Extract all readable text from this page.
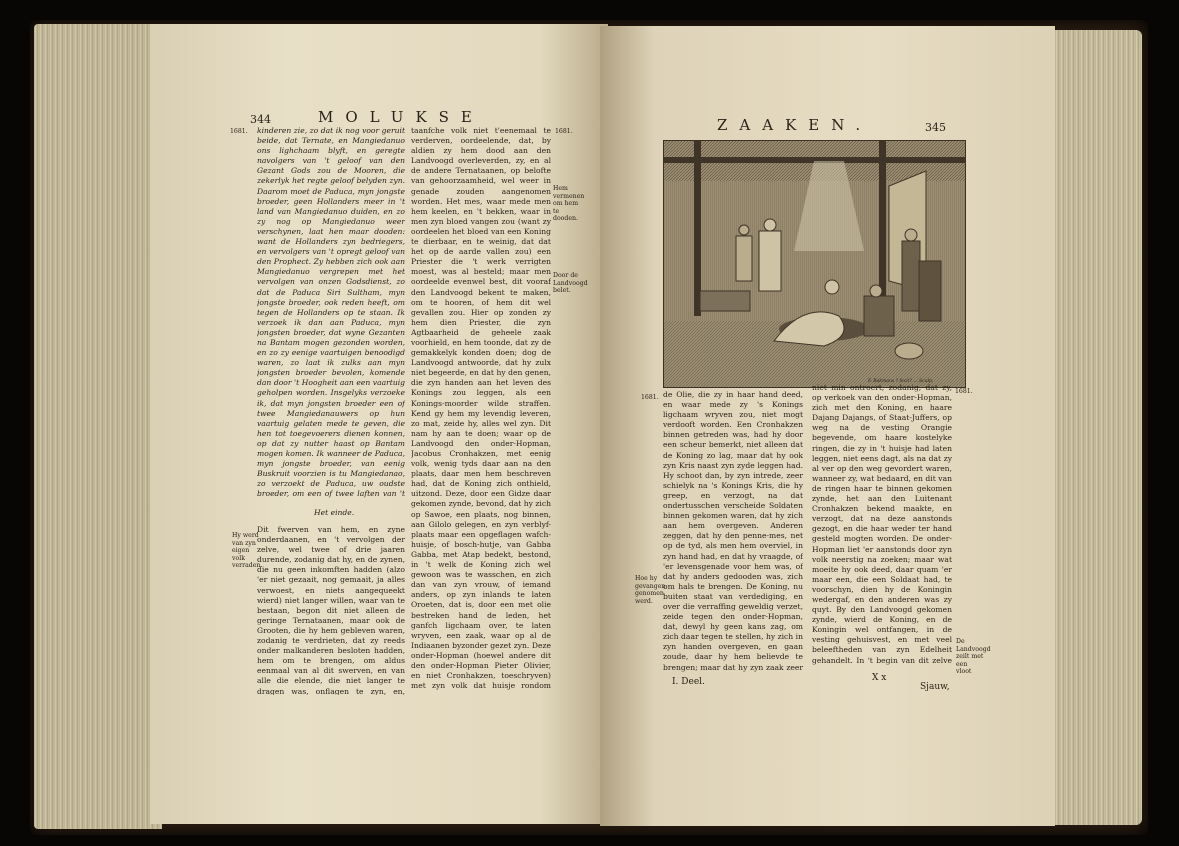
344	MOLUKSE
1681.	kinderen zie, zo dat ik nog voor geruit beide, dat Ternate, en Mangiedanuo ons lighchaam blyft, en geregte navolgers van 't geloof van den Gezant Gods zou de Mooren, die zekerlyk het regte geloof belyden zyn. Daarom moet de Paduca, myn jongste broeder, geen Hollanders meer in 't land van Mangiedanuo duiden, en zo zy nog op Mangiedanuo weer verschynen, laat hen maar dooden: want de Hollanders zyn bedriegers, en vervolgers van 't opregt geloof van den Prophect. Zy hebben zich ook aan Mangiedanuo vergrepen met het vervolgen van onzen Godsdienst, zo dat de Paduca Siri Sultham, myn jongste broeder, ook reden heeft, om tegen de Hollanders op te staan. Ik verzoek ik dan aan Paduca, myn jongsten broeder, dat wyne Gezanten na Bantam mogen gezonden worden, en zo zy eenige vaartuigen benoodigd waren, zo laat ik zulks aan myn jongsten broeder bevolen, komende dan door 't Hoogheit aan een vaartuig geholpen worden. Insgelyks verzoeke ik, dat myn jongsten broeder een of twee Mangiedanauwers op hun vaartuig gelaten mede te geven, die hen tot toegevoerers dienen konnen, op dat zy nutter haast op Bantam mogen komen. Ik wanneer de Paduca, myn jongste broeder, van eenig Buskruit voorzien is tu Mangiedanao, zo verzoekt de Paduca, uw oudste broeder, om een of twee laften van 't

Het einde.
Hy werd van zyn eigen volk verraden.

Dit fwerven van hem, en zyne onderdaanen, en 't vervolgen der zelve, wel twee of drie jaaren durende, zodanig dat hy, en de zynen, die nu geen inkomften hadden (alzo 'er niet gezaait, nog gemaait, ja alles verwoest, en niets aangequeekt wierd) niet langer willen, waar van te bestaan, begon dit niet alleen de geringe Ternataanen, maar ook de Grooten, die hy hem gebleven waren, zodanig te verdrieten, dat zy reeds onder malkanderen besloten hadden, hem om te brengen, om aldus eenmaal van al dit swerven, en van alle die elende, die niet langer te dragen was, onflagen te zyn, en,

taanfche volk niet t'eenemaal te verderven, oordeelende, dat, by aldien zy hem dood aan den Landvoogd overleverden, zy, en al de andere Ternataanen, op belofte van gehoorzaamheid, wel weer in genade zouden aangenomen worden. Het mes, waar mede men hem keelen, en 't bekken, waar in men zyn bloed vangen zou (want zy oordeelen het bloed van een Koning te dierbaar, en te weinig, dat dat het op de aarde vallen zou) een Priester die 't werk verrigten moest, was al besteld; maar men oordeelde evenwel best, dit vooraf den Landvoogd bekent te maken, om te hooren, of hem dit wel gevallen zou. Hier op zonden zy hem dien Priester, die zyn Agtbaarheid de geheele zaak voorhield, en hem toonde, dat zy de gemakkelyk konden doen; dog de Landvoogd antwoorde, dat hy zulx niet begeerde, en dat hy den genen, die zyn handen aan het leven des Konings zou leggen, als een Konings-moorder wilde straffen. Kend gy hem my levendig leveren, zo mat, zeide hy, alles wel zyn. Dit nam hy aan te doen; waar op de Landvoogd den onder-Hopman, Jacobus Cronhakzen, met eenig volk, wenig tyds daar aan na den plaats, daar men hem beschreven had, dat de Koning zich onthield, uitzond. Deze, door een Gidze daar gekomen zynde, bevond, dat hy zich op Sawoe, een plaats, nog binnen, aan Gilolo gelegen, en zyn verblyf-plaats maar een opgeflagen wafch-huisje, of bosch-hutje, van Gabba Gabba, met Atap bedekt, bestond, in 't welk de Koning zich wel gewoon was te wasschen, en zich dan van zyn vrouw, of iemand anders, op zyn inlands te laten Oroeten, dat is, door een met olie bestreken hand de leden, het ganfch ligchaam over, te laten wryven, een zaak, waar op al de Indiaanen byzonder gezet zyn. Deze onder-Hopman (hoewel andere dit den onder-Hopman Pieter Olivier, en niet Cronhakzen, toeschryven) met zyn volk dat huisje rondom

1681.
Hem vermenen om hem te dooden.
Door de Landvoogd belet.
ZAAKEN.	345
F. Bakmans ? fecit? ... Sculp.
1681.
1681.

de Olie, die zy in haar hand deed, en waar mede zy 's Konings ligchaam wryven zou, niet mogt verdooft worden. Een Cronhakzen binnen getreden was, had hy door een scheur bemerkt, niet alleen dat de Koning zo lag, maar dat hy ook zyn Kris naast zyn zyde leggen had. Hy schoot dan, by zyn intrede, zeer schielyk na 's Konings Kris, die hy greep, en verzogt, na dat ondertusschen verscheide Soldaten binnen gekomen waren, dat hy zich aan hem overgeven. Anderen zeggen, dat hy den penne-mes, net op de tyd, als men hem overviel, in zyn hand had, en dat hy vraagde, of 'er levensgenade voor hem was, of dat hy anders gedooden was, zich om hals te brengen. De Koning, nu buiten staat van verdediging, en over die verraffing geweldig verzet, zeide tegen den onder-Hopman, dat, dewyl hy geen kans zag, om zich daar tegen te stellen, hy zich in zyn handen overgeven, en gaan zoude, daar hy hem believde te brengen; maar dat hy zyn zaak zeer

Hoe hy gevangen genomen werd.

niet min ontroert, zodanig, dat zy, op verkoek van den onder-Hopman, zich met den Koning, en haare Dajang Dajangs, of Staat-Juffers, op weg na de vesting Orangie begevende, om haare kostelyke ringen, die zy in 't huisje had laten leggen, niet eens dagt, als na dat zy al ver op den weg gevordert waren, wanneer zy, wat bedaard, en dit van de ringen haar te binnen gekomen zynde, het aan den Luitenant Cronhakzen bekend maakte, en verzogt, dat na deze aanstonds gezogt, en die haar weder ter hand gesteld mogten worden. De onder-Hopman liet 'er aanstonds door zyn volk neerstig na zoeken; maar wat moeite hy ook deed, daar quam 'er maar een, die een Soldaat had, te voorschyn, dien hy de Koningin wedergaf, en den anderen was zy quyt. By den Landvoogd gekomen zynde, wierd de Koning, en de Koningin wel ontfangen, in de vesting gehuisvest, en met veel beleeftheden van zyn Edelheit gehandelt. In 't begin van dit zelve

De Landvoogd zeilt met een vloot
I. Deel.	X x
Sjauw,
